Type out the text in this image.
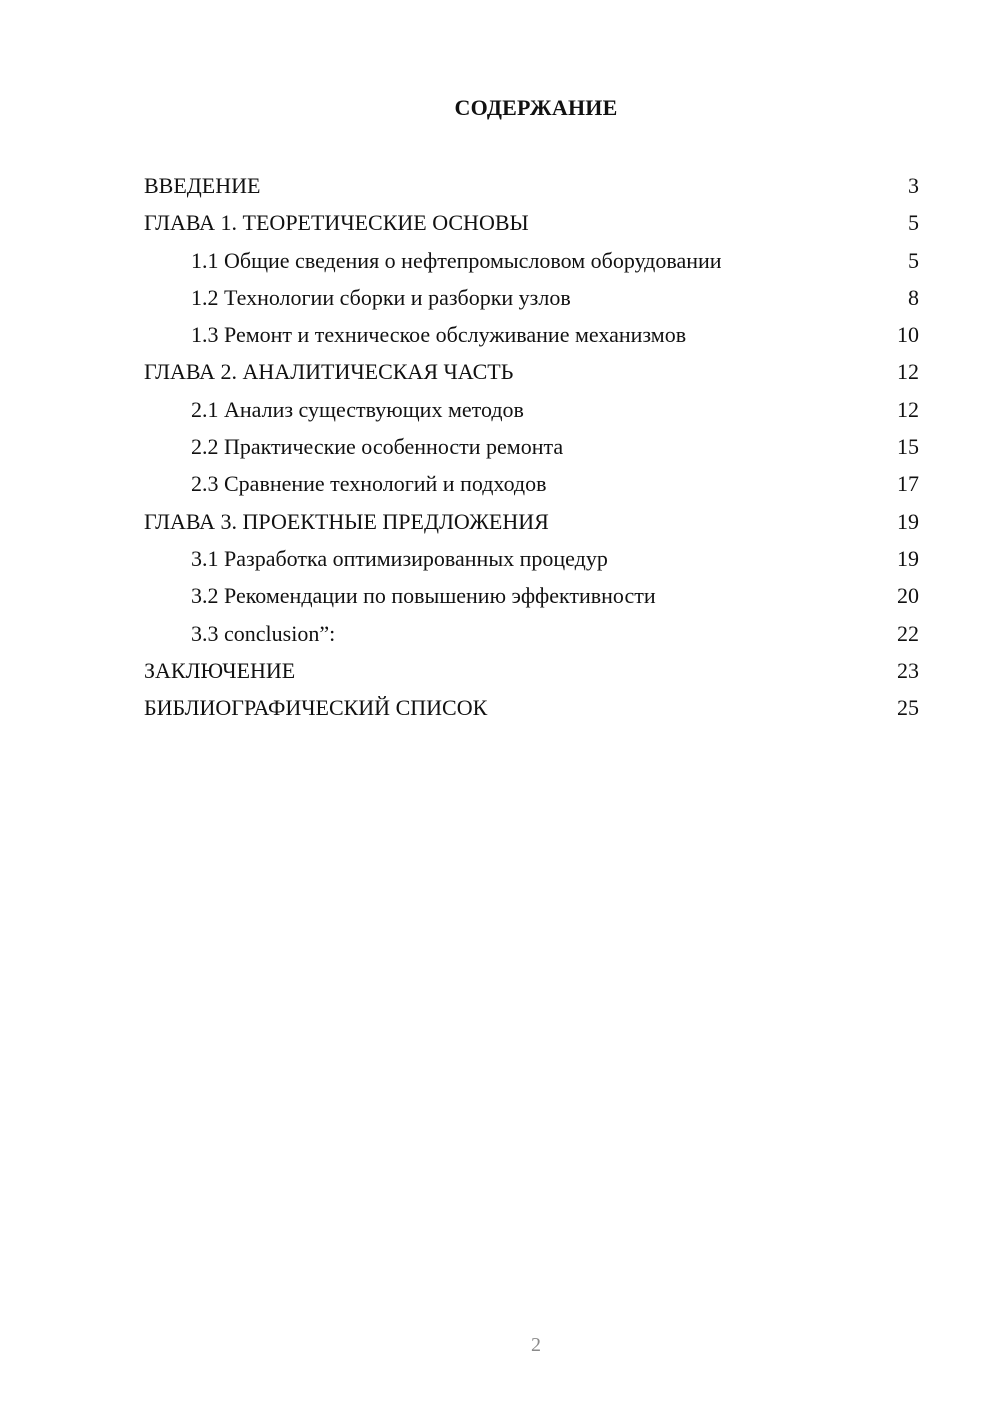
СОДЕРЖАНИЕ
ВВЕДЕНИЕ	3
ГЛАВА 1. ТЕОРЕТИЧЕСКИЕ ОСНОВЫ	5
1.1 Общие сведения о нефтепромысловом оборудовании	5
1.2 Технологии сборки и разборки узлов	8
1.3 Ремонт и техническое обслуживание механизмов	10
ГЛАВА 2. АНАЛИТИЧЕСКАЯ ЧАСТЬ	12
2.1 Анализ существующих методов	12
2.2 Практические особенности ремонта	15
2.3 Сравнение технологий и подходов	17
ГЛАВА 3. ПРОЕКТНЫЕ ПРЕДЛОЖЕНИЯ	19
3.1 Разработка оптимизированных процедур	19
3.2 Рекомендации по повышению эффективности	20
3.3 conclusion”:	22
ЗАКЛЮЧЕНИЕ	23
БИБЛИОГРАФИЧЕСКИЙ СПИСОК	25
2
